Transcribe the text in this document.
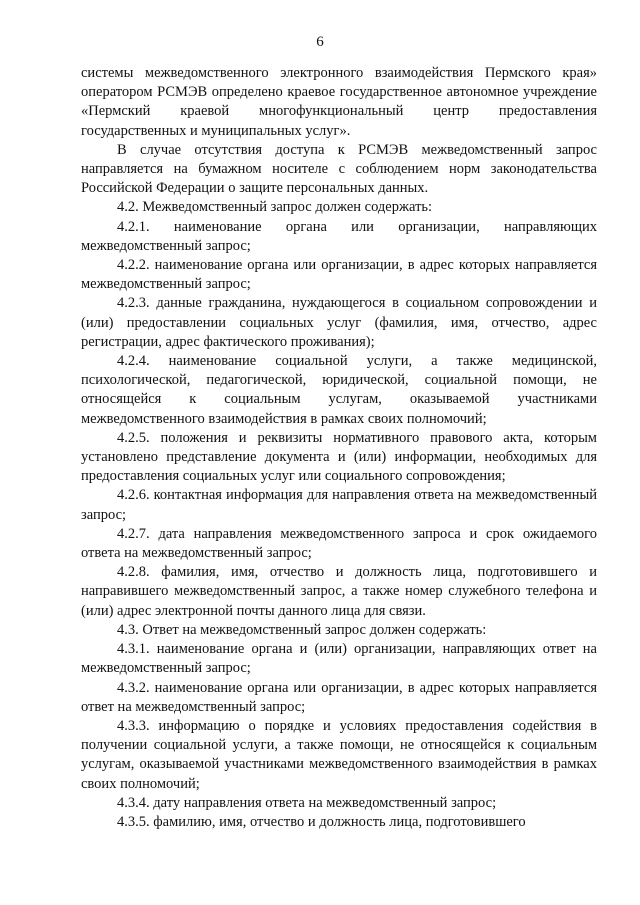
6

системы межведомственного электронного взаимодействия Пермского края» оператором РСМЭВ определено краевое государственное автономное учреждение «Пермский краевой многофункциональный центр предоставления государственных и муниципальных услуг».

В случае отсутствия доступа к РСМЭВ межведомственный запрос направляется на бумажном носителе с соблюдением норм законодательства Российской Федерации о защите персональных данных.

4.2. Межведомственный запрос должен содержать:

4.2.1. наименование органа или организации, направляющих межведомственный запрос;

4.2.2. наименование органа или организации, в адрес которых направляется межведомственный запрос;

4.2.3. данные гражданина, нуждающегося в социальном сопровождении и (или) предоставлении социальных услуг (фамилия, имя, отчество, адрес регистрации, адрес фактического проживания);

4.2.4. наименование социальной услуги, а также медицинской, психологической, педагогической, юридической, социальной помощи, не относящейся к социальным услугам, оказываемой участниками межведомственного взаимодействия в рамках своих полномочий;

4.2.5. положения и реквизиты нормативного правового акта, которым установлено представление документа и (или) информации, необходимых для предоставления социальных услуг или социального сопровождения;

4.2.6. контактная информация для направления ответа на межведомственный запрос;

4.2.7. дата направления межведомственного запроса и срок ожидаемого ответа на межведомственный запрос;

4.2.8. фамилия, имя, отчество и должность лица, подготовившего и направившего межведомственный запрос, а также номер служебного телефона и (или) адрес электронной почты данного лица для связи.

4.3. Ответ на межведомственный запрос должен содержать:

4.3.1. наименование органа и (или) организации, направляющих ответ на межведомственный запрос;

4.3.2. наименование органа или организации, в адрес которых направляется ответ на межведомственный запрос;

4.3.3. информацию о порядке и условиях предоставления содействия в получении социальной услуги, а также помощи, не относящейся к социальным услугам, оказываемой участниками межведомственного взаимодействия в рамках своих полномочий;

4.3.4. дату направления ответа на межведомственный запрос;

4.3.5. фамилию, имя, отчество и должность лица, подготовившего
